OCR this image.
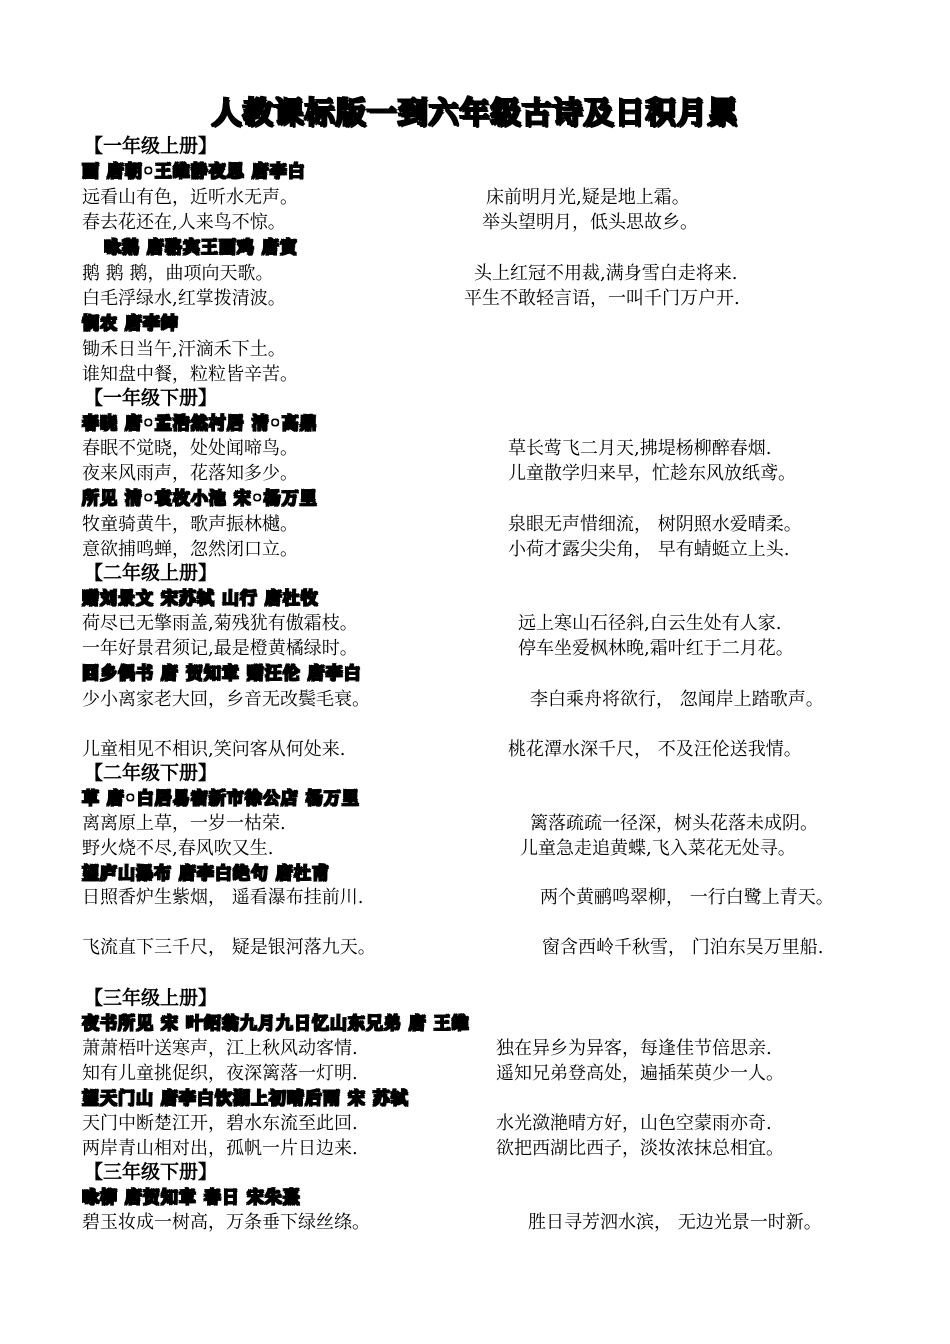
人教课标版一到六年级古诗及日积月累
【一年级上册】
画 唐朝•王维静夜思 唐李白
远看山有色，近听水无声。	床前明月光,疑是地上霜。
春去花还在,人来鸟不惊。	举头望明月，低头思故乡。
咏鹅 唐骆宾王画鸡 唐寅
鹅 鹅 鹅，曲项向天歌。	头上红冠不用裁,满身雪白走将来.
白毛浮绿水,红掌拨清波。	平生不敢轻言语，一叫千门万户开.
悯农 唐李绅
锄禾日当午,汗滴禾下土。
谁知盘中餐，粒粒皆辛苦。
【一年级下册】
春晓 唐•孟浩然村居 清•高鼎
春眠不觉晓，处处闻啼鸟。	草长莺飞二月天,拂堤杨柳醉春烟.
夜来风雨声，花落知多少。	儿童散学归来早，忙趁东风放纸鸢。
所见 清•袁枚小池 宋•杨万里
牧童骑黄牛，歌声振林樾。	泉眼无声惜细流， 树阴照水爱晴柔。
意欲捕鸣蝉，忽然闭口立。	小荷才露尖尖角， 早有蜻蜓立上头.
【二年级上册】
赠刘景文 宋苏轼 山行 唐杜牧
荷尽已无擎雨盖,菊残犹有傲霜枝。	远上寒山石径斜,白云生处有人家.
一年好景君须记,最是橙黄橘绿时。	停车坐爱枫林晚,霜叶红于二月花。
回乡偶书 唐 贺知章 赠汪伦 唐李白
少小离家老大回，乡音无改鬓毛衰。	李白乘舟将欲行， 忽闻岸上踏歌声。
儿童相见不相识,笑问客从何处来.	桃花潭水深千尺， 不及汪伦送我情。
【二年级下册】
草 唐•白居易宿新市徐公店 杨万里
离离原上草，一岁一枯荣.	篱落疏疏一径深，树头花落未成阴。
野火烧不尽,春风吹又生.	儿童急走追黄蝶,飞入菜花无处寻。
望庐山瀑布 唐李白绝句 唐杜甫
日照香炉生紫烟， 遥看瀑布挂前川.	两个黄鹂鸣翠柳， 一行白鹭上青天。
飞流直下三千尺， 疑是银河落九天。	窗含西岭千秋雪， 门泊东吴万里船.
【三年级上册】
夜书所见 宋 叶绍翁九月九日忆山东兄弟 唐 王维
萧萧梧叶送寒声，江上秋风动客情.	独在异乡为异客，每逢佳节倍思亲.
知有儿童挑促织，夜深篱落一灯明.	遥知兄弟登高处，遍插茱萸少一人。
望天门山 唐李白饮湖上初晴后雨 宋 苏轼
天门中断楚江开，碧水东流至此回.	水光潋滟晴方好，山色空蒙雨亦奇.
两岸青山相对出，孤帆一片日边来.	欲把西湖比西子，淡妆浓抹总相宜。
【三年级下册】
咏柳 唐贺知章 春日 宋朱熹
碧玉妆成一树高，万条垂下绿丝绦。	胜日寻芳泗水滨， 无边光景一时新。
